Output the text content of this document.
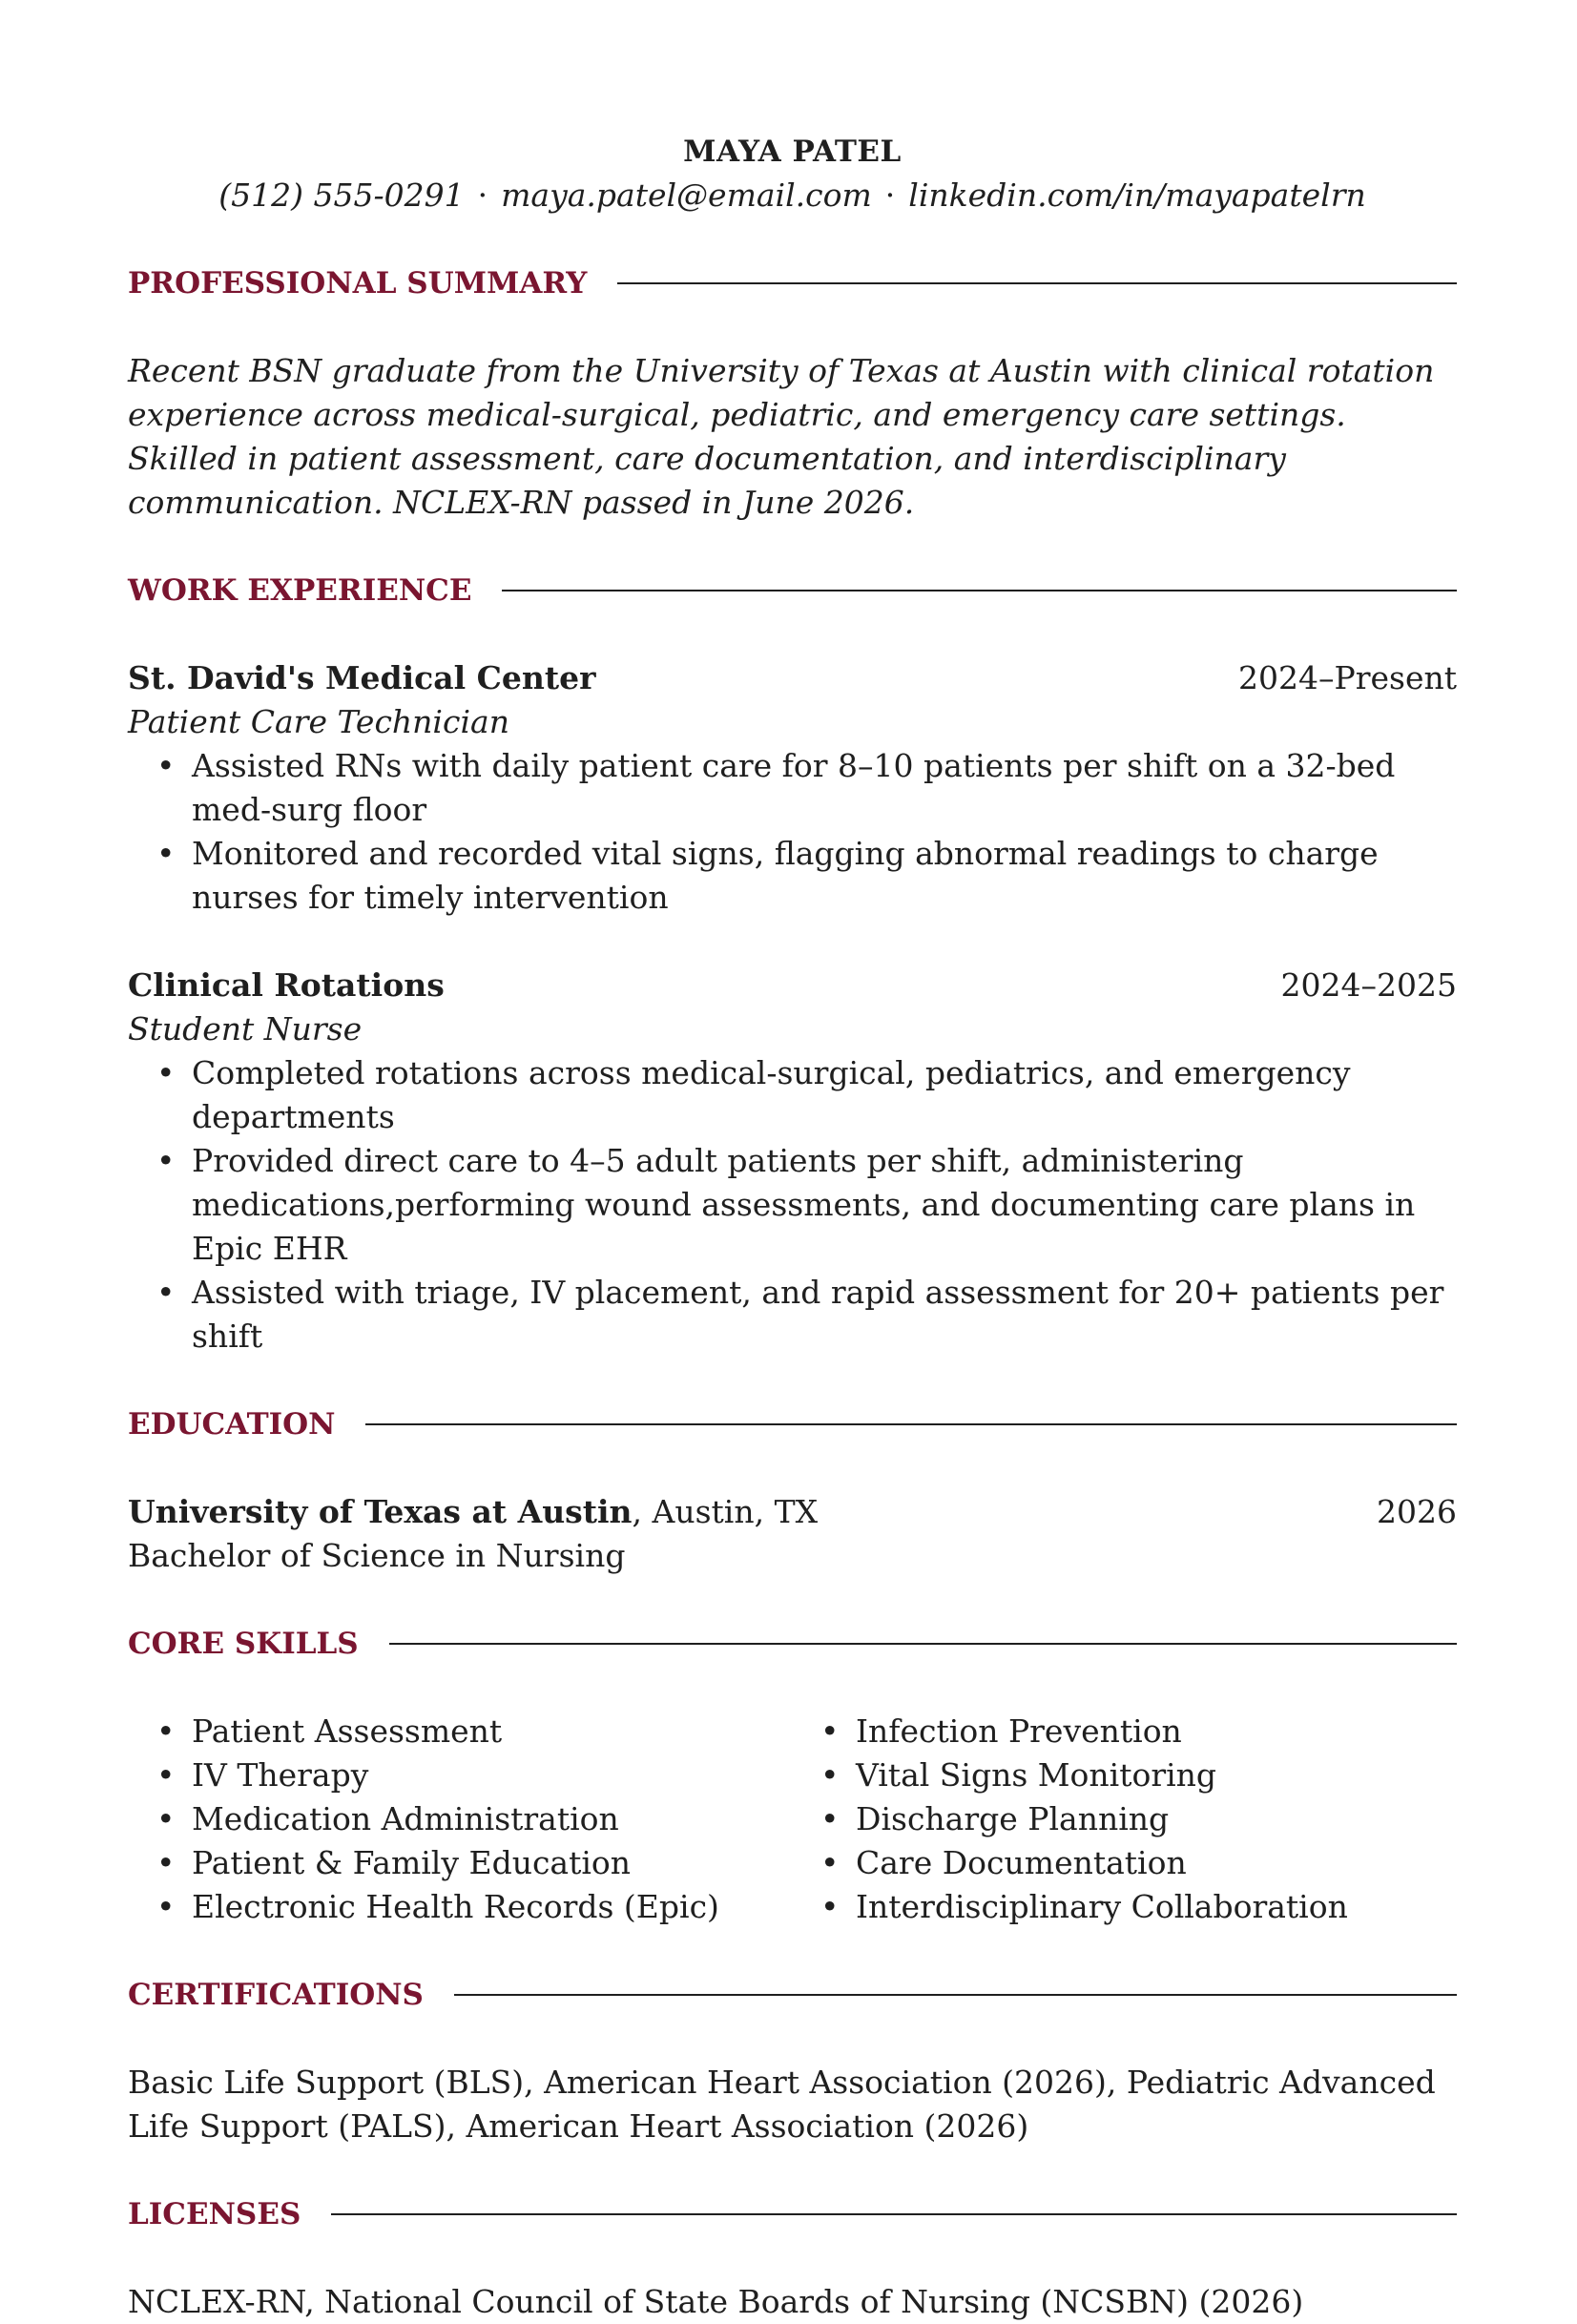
MAYA PATEL
(512) 555-0291 · maya.patel@email.com · linkedin.com/in/mayapatelrn
PROFESSIONAL SUMMARY
Recent BSN graduate from the University of Texas at Austin with clinical rotation experience across medical-surgical, pediatric, and emergency care settings. Skilled in patient assessment, care documentation, and interdisciplinary communication. NCLEX-RN passed in June 2026.
WORK EXPERIENCE
St. David's Medical Center	2024–Present
Patient Care Technician
• Assisted RNs with daily patient care for 8–10 patients per shift on a 32-bed med-surg floor
• Monitored and recorded vital signs, flagging abnormal readings to charge nurses for timely intervention
Clinical Rotations	2024–2025
Student Nurse
• Completed rotations across medical-surgical, pediatrics, and emergency departments
• Provided direct care to 4–5 adult patients per shift, administering medications,performing wound assessments, and documenting care plans in Epic EHR
• Assisted with triage, IV placement, and rapid assessment for 20+ patients per shift
EDUCATION
University of Texas at Austin, Austin, TX	2026
Bachelor of Science in Nursing
CORE SKILLS
• Patient Assessment
• IV Therapy
• Medication Administration
• Patient & Family Education
• Electronic Health Records (Epic)
• Infection Prevention
• Vital Signs Monitoring
• Discharge Planning
• Care Documentation
• Interdisciplinary Collaboration
CERTIFICATIONS
Basic Life Support (BLS), American Heart Association (2026), Pediatric Advanced Life Support (PALS), American Heart Association (2026)
LICENSES
NCLEX-RN, National Council of State Boards of Nursing (NCSBN) (2026)
